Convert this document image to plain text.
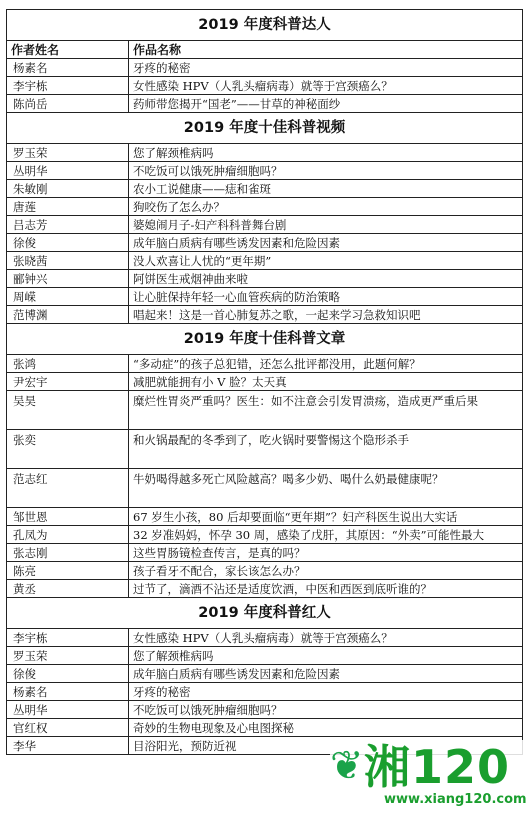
2019 年度科普达人	
作者姓名	作品名称
杨素名	牙疼的秘密
李宇栋	女性感染 HPV（人乳头瘤病毒）就等于宫颈癌么？
陈尚岳	药师带您揭开“国老”——甘草的神秘面纱
2019 年度十佳科普视频	
罗玉荣	您了解颈椎病吗
丛明华	不吃饭可以饿死肿瘤细胞吗？
朱敏刚	农小工说健康——痣和雀斑
唐莲	狗咬伤了怎么办？
吕志芳	婆媳闹月子-妇产科科普舞台剧
徐俊	成年脑白质病有哪些诱发因素和危险因素
张晓茜	没人欢喜让人忧的“更年期”
郦钟兴	阿饼医生戒烟神曲来啦
周嵘	让心脏保持年轻一心血管疾病的防治策略
范博渊	唱起来！这是一首心肺复苏之歌，一起来学习急救知识吧
2019 年度十佳科普文章	
张鸿	“多动症”的孩子总犯错，还怎么批评都没用，此题何解？
尹宏宇	减肥就能拥有小 V 脸？太天真
吴昊	糜烂性胃炎严重吗？医生：如不注意会引发胃溃疡，造成更严重后果
张奕	和火锅最配的冬季到了，吃火锅时要警惕这个隐形杀手
范志红	牛奶喝得越多死亡风险越高？喝多少奶、喝什么奶最健康呢？
邹世恩	67 岁生小孩，80 后却要面临“更年期”？妇产科医生说出大实话
孔凤为	32 岁准妈妈，怀孕 30 周，感染了戊肝，其原因：“外卖”可能性最大
张志刚	这些胃肠镜检查传言，是真的吗？
陈亮	孩子看牙不配合，家长该怎么办？
黄丞	过节了，滴酒不沾还是适度饮酒，中医和西医到底听谁的？
2019 年度科普红人	
李宇栋	女性感染 HPV（人乳头瘤病毒）就等于宫颈癌么？
罗玉荣	您了解颈椎病吗
徐俊	成年脑白质病有哪些诱发因素和危险因素
杨素名	牙疼的秘密
丛明华	不吃饭可以饿死肿瘤细胞吗？
官红权	奇妙的生物电现象及心电图探秘
李华	目浴阳光，预防近视 ❦ 湘120
www.xiang120.com
